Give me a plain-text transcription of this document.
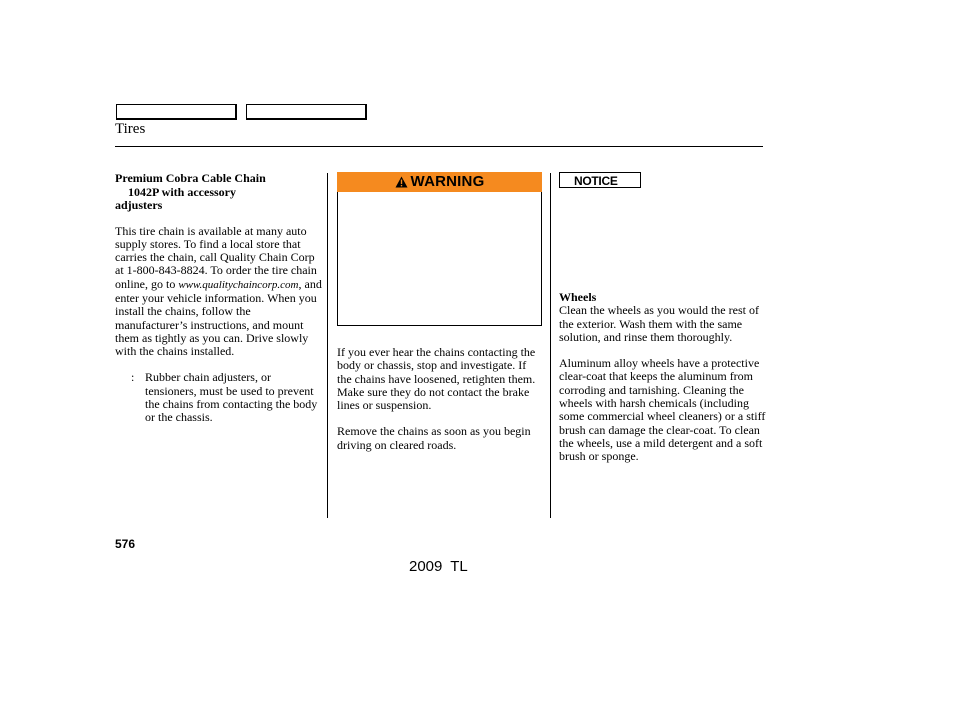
Tires

Premium Cobra Cable Chain
1042P with accessory
adjusters

This tire chain is available at many auto supply stores. To find a local store that carries the chain, call Quality Chain Corp at 1-800-843-8824. To order the tire chain online, go to www.qualitychaincorp.com, and enter your vehicle information. When you install the chains, follow the manufacturer’s instructions, and mount them as tightly as you can. Drive slowly with the chains installed.

: Rubber chain adjusters, or tensioners, must be used to prevent the chains from contacting the body or the chassis.
WARNING

If you ever hear the chains contacting the body or chassis, stop and investigate. If the chains have loosened, retighten them. Make sure they do not contact the brake lines or suspension.

Remove the chains as soon as you begin driving on cleared roads.

NOTICE

Wheels
Clean the wheels as you would the rest of the exterior. Wash them with the same solution, and rinse them thoroughly.

Aluminum alloy wheels have a protective clear-coat that keeps the aluminum from corroding and tarnishing. Cleaning the wheels with harsh chemicals (including some commercial wheel cleaners) or a stiff brush can damage the clear-coat. To clean the wheels, use a mild detergent and a soft brush or sponge.

576
2009 TL
